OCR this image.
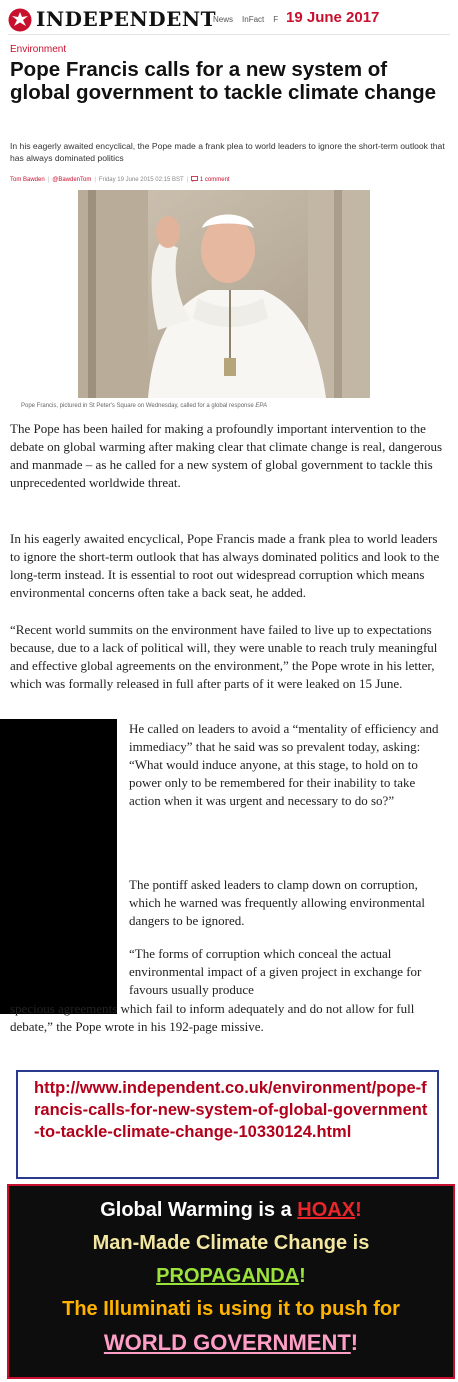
INDEPENDENT
News InFact F 19 June 2017
Environment
Pope Francis calls for a new system of global government to tackle climate change
In his eagerly awaited encyclical, the Pope made a frank plea to world leaders to ignore the short-term outlook that has always dominated politics
Tom Bawden | @BawdenTom | Friday 19 June 2015 02:15 BST | 1 comment
Pope Francis, pictured in St Peter's Square on Wednesday, called for a global response EPA

The Pope has been hailed for making a profoundly important intervention to the debate on global warming after making clear that climate change is real, dangerous and manmade – as he called for a new system of global government to tackle this unprecedented worldwide threat.

In his eagerly awaited encyclical, Pope Francis made a frank plea to world leaders to ignore the short-term outlook that has always dominated politics and look to the long-term instead. It is essential to root out widespread corruption which means environmental concerns often take a back seat, he added.

“Recent world summits on the environment have failed to live up to expectations because, due to a lack of political will, they were unable to reach truly meaningful and effective global agreements on the environment,” the Pope wrote in his letter, which was formally released in full after parts of it were leaked on 15 June.

He called on leaders to avoid a “mentality of efficiency and immediacy” that he said was so prevalent today, asking: “What would induce anyone, at this stage, to hold on to power only to be remembered for their inability to take action when it was urgent and necessary to do so?”

The pontiff asked leaders to clamp down on corruption, which he warned was frequently allowing environmental dangers to be ignored.

“The forms of corruption which conceal the actual environmental impact of a given project in exchange for favours usually produce

specious agreements which fail to inform adequately and do not allow for full debate,” the Pope wrote in his 192-page missive.

http://www.independent.co.uk/environment/pope-francis-calls-for-new-system-of-global-government-to-tackle-climate-change-10330124.html
Global Warming is a HOAX!
Man-Made Climate Change is
PROPAGANDA!
The Illuminati is using it to push for
WORLD GOVERNMENT!
